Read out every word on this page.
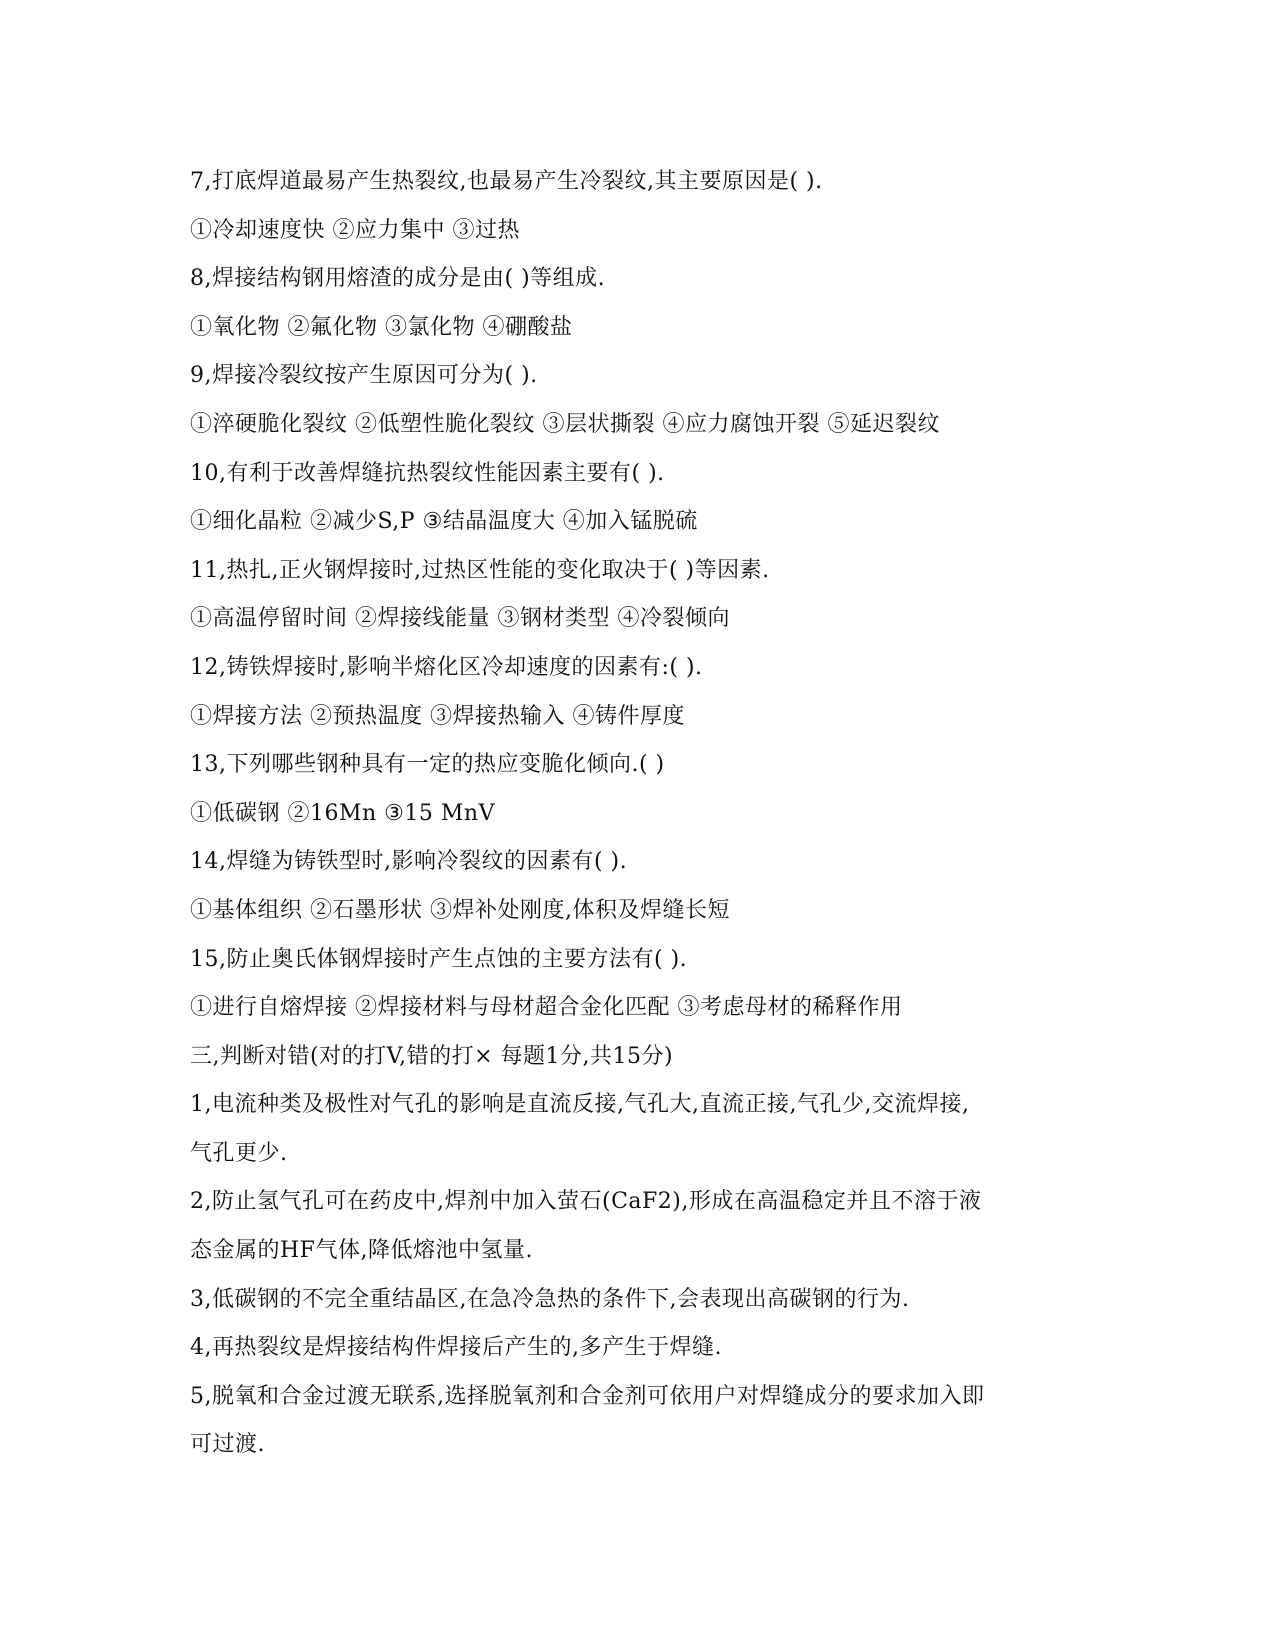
7,打底焊道最易产生热裂纹,也最易产生冷裂纹,其主要原因是( ).
①冷却速度快 ②应力集中 ③过热
8,焊接结构钢用熔渣的成分是由( )等组成.
①氧化物 ②氟化物 ③氯化物 ④硼酸盐
9,焊接冷裂纹按产生原因可分为( ).
①淬硬脆化裂纹 ②低塑性脆化裂纹 ③层状撕裂 ④应力腐蚀开裂 ⑤延迟裂纹
10,有利于改善焊缝抗热裂纹性能因素主要有( ).
①细化晶粒 ②减少S,P ③结晶温度大 ④加入锰脱硫
11,热扎,正火钢焊接时,过热区性能的变化取决于( )等因素.
①高温停留时间 ②焊接线能量 ③钢材类型 ④冷裂倾向
12,铸铁焊接时,影响半熔化区冷却速度的因素有:( ).
①焊接方法 ②预热温度 ③焊接热输入 ④铸件厚度
13,下列哪些钢种具有一定的热应变脆化倾向.( )
①低碳钢 ②16Mn ③15 MnV
14,焊缝为铸铁型时,影响冷裂纹的因素有( ).
①基体组织 ②石墨形状 ③焊补处刚度,体积及焊缝长短
15,防止奥氏体钢焊接时产生点蚀的主要方法有( ).
①进行自熔焊接 ②焊接材料与母材超合金化匹配 ③考虑母材的稀释作用
三,判断对错(对的打V,错的打× 每题1分,共15分)
1,电流种类及极性对气孔的影响是直流反接,气孔大,直流正接,气孔少,交流焊接,
气孔更少.
2,防止氢气孔可在药皮中,焊剂中加入萤石(CaF2),形成在高温稳定并且不溶于液
态金属的HF气体,降低熔池中氢量.
3,低碳钢的不完全重结晶区,在急冷急热的条件下,会表现出高碳钢的行为.
4,再热裂纹是焊接结构件焊接后产生的,多产生于焊缝.
5,脱氧和合金过渡无联系,选择脱氧剂和合金剂可依用户对焊缝成分的要求加入即
可过渡.
